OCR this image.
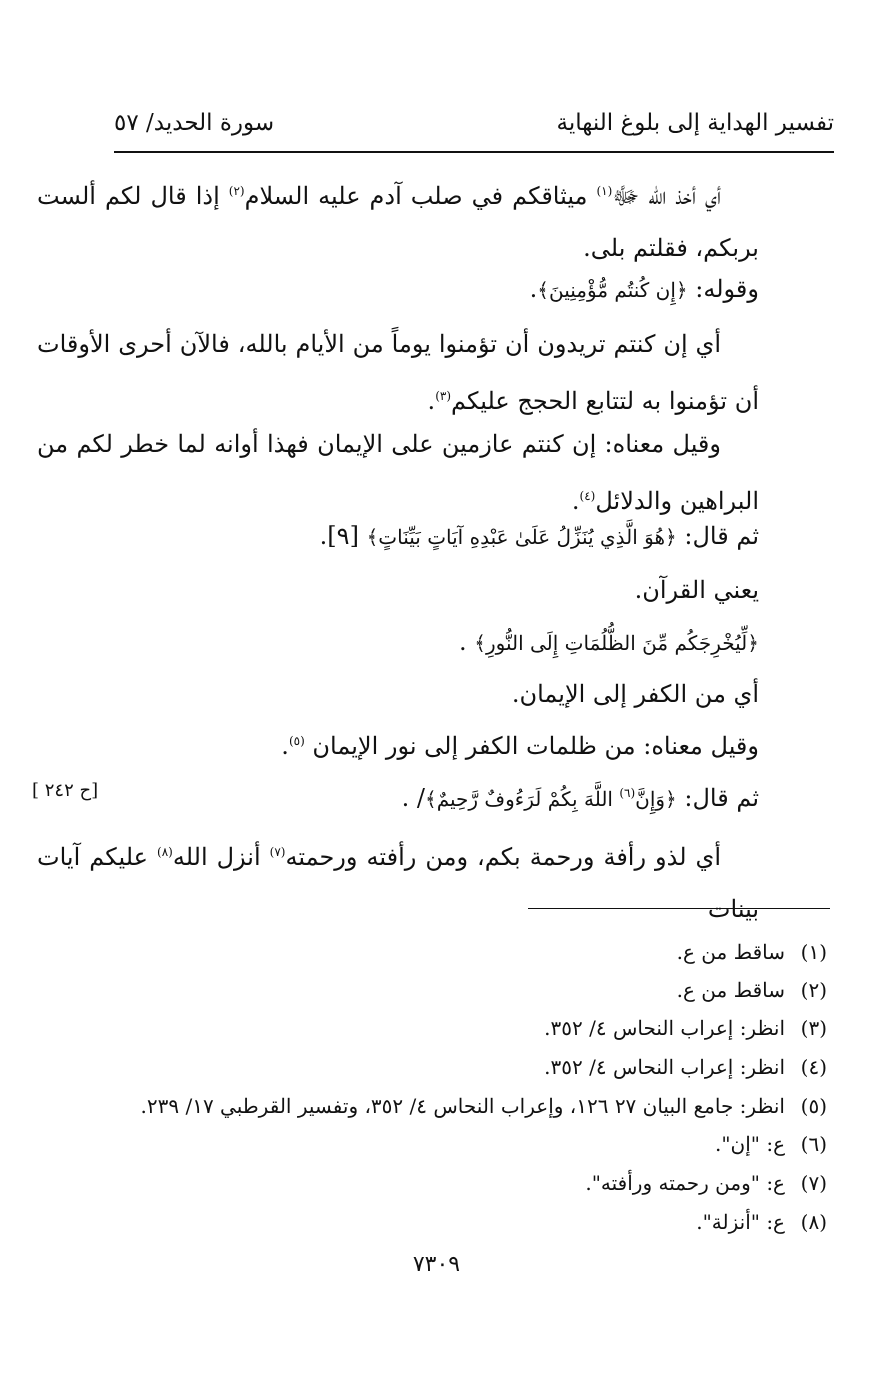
تفسير الهداية إلى بلوغ النهاية
سورة الحديد/ ٥٧
أي أخذ الله ﷻ$^{(١)}$ ميثاقكم في صلب آدم عليه السلام$^{(٢)}$ إذا قال لكم ألست بربكم، فقلتم بلى.
وقوله: ﴿إِن كُنتُم مُّؤْمِنِينَ﴾.
أي إن كنتم تريدون أن تؤمنوا يوماً من الأيام بالله، فالآن أحرى الأوقات أن تؤمنوا به لتتابع الحجج عليكم$^{(٣)}$.
وقيل معناه: إن كنتم عازمين على الإيمان فهذا أوانه لما خطر لكم من البراهين والدلائل$^{(٤)}$.
ثم قال: ﴿هُوَ الَّذِي يُنَزِّلُ عَلَىٰ عَبْدِهِ آيَاتٍ بَيِّنَاتٍ﴾ [٩].
يعني القرآن.
﴿لِّيُخْرِجَكُم مِّنَ الظُّلُمَاتِ إِلَى النُّورِ﴾ .
أي من الكفر إلى الإيمان.
وقيل معناه: من ظلمات الكفر إلى نور الإيمان $^{(٥)}$.
ثم قال: ﴿وَإِنَّ$^{(٦)}$ اللَّهَ بِكُمْ لَرَءُوفٌ رَّحِيمٌ﴾/ .
[ح ٢٤٢ ]
أي لذو رأفة ورحمة بكم، ومن رأفته ورحمته$^{(٧)}$ أنزل الله$^{(٨)}$ عليكم آيات بينات
(١)ساقط من ع.
(٢)ساقط من ع.
(٣)انظر: إعراب النحاس ٤/ ٣٥٢.
(٤)انظر: إعراب النحاس ٤/ ٣٥٢.
(٥)انظر: جامع البيان ٢٧ ١٢٦، وإعراب النحاس ٤/ ٣٥٢، وتفسير القرطبي ١٧/ ٢٣٩.
(٦)ع: "إن".
(٧)ع: "ومن رحمته ورأفته".
(٨)ع: "أنزلة".
٧٣٠٩
